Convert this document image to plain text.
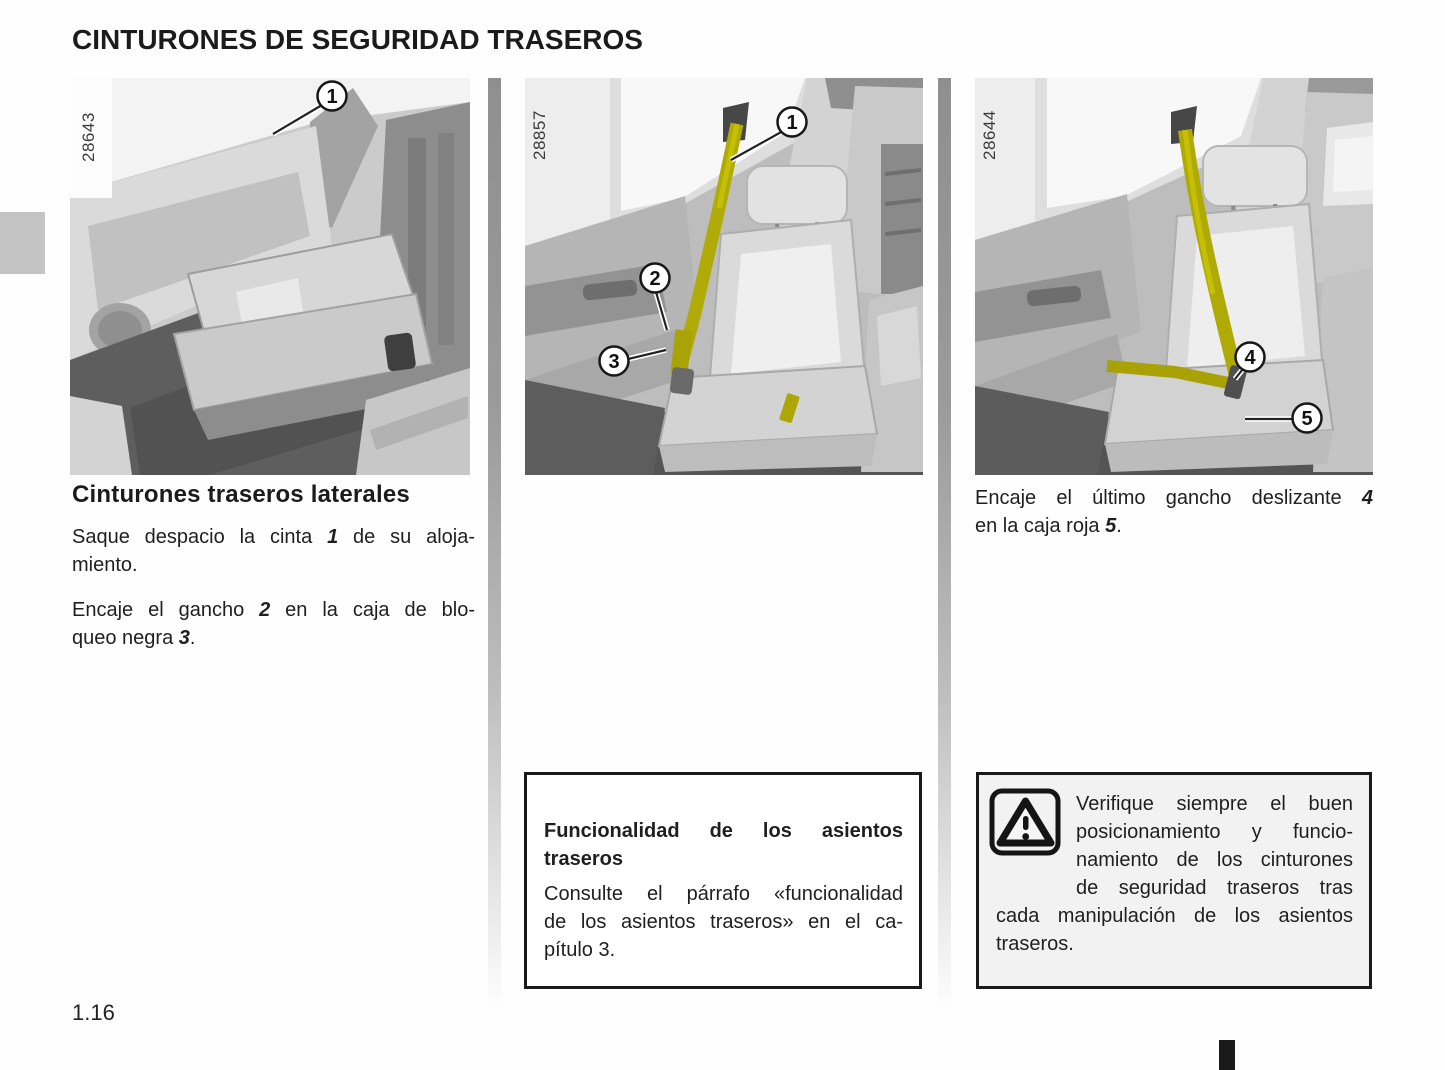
CINTURONES DE SEGURIDAD TRASEROS
1
28643	1
2
3
28857
4
5
28644
Cinturones traseros laterales

Saque despacio la cinta 1 de su aloja-
miento.

Encaje el gancho 2 en la caja de blo-
queo negra 3.

Encaje el último gancho deslizante 4
en la caja roja 5.

Funcionalidad de los asientos
traseros
Consulte el párrafo «funcionalidad
de los asientos traseros» en el ca-
pítulo 3.
Verifique siempre el buen
posicionamiento y funcio-
namiento de los cinturones
de seguridad traseros tras
cada manipulación de los asientos
traseros.
1.16
